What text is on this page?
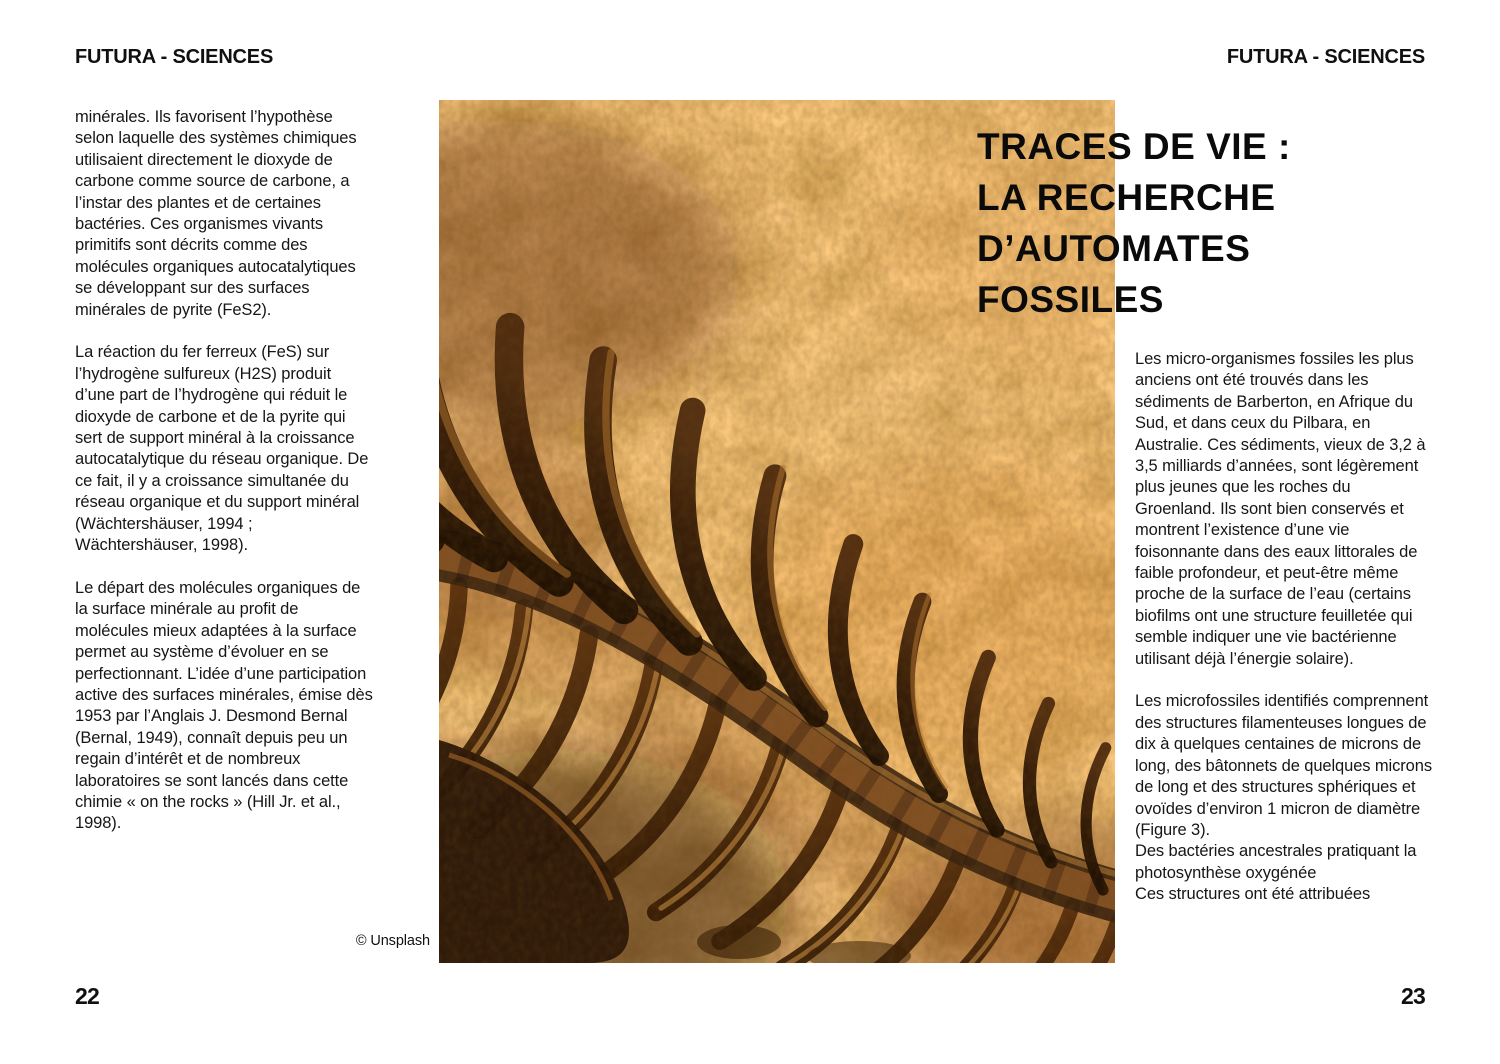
FUTURA - SCIENCES	FUTURA - SCIENCES

minérales. Ils favorisent l’hypothèse selon laquelle des systèmes chimiques utilisaient directement le dioxyde de carbone comme source de carbone, a l’instar des plantes et de certaines bactéries. Ces organismes vivants primitifs sont décrits comme des molécules organiques autocatalytiques se développant sur des surfaces minérales de pyrite (FeS2).

La réaction du fer ferreux (FeS) sur l’hydrogène sulfureux (H2S) produit d’une part de l’hydrogène qui réduit le dioxyde de carbone et de la pyrite qui sert de support minéral à la croissance autocatalytique du réseau organique. De ce fait, il y a croissance simultanée du réseau organique et du support minéral (Wächtershäuser, 1994 ; Wächtershäuser, 1998).

Le départ des molécules organiques de la surface minérale au profit de molécules mieux adaptées à la surface permet au système d’évoluer en se perfectionnant. L’idée d’une participation active des surfaces minérales, émise dès 1953 par l’Anglais J. Desmond Bernal (Bernal, 1949), connaît depuis peu un regain d’intérêt et de nombreux laboratoires se sont lancés dans cette chimie « on the rocks » (Hill Jr. et al., 1998).

TRACES DE VIE :
LA RECHERCHE
D’AUTOMATES
FOSSILES
© Unsplash

Les micro-organismes fossiles les plus anciens ont été trouvés dans les sédiments de Barberton, en Afrique du Sud, et dans ceux du Pilbara, en Australie. Ces sédiments, vieux de 3,2 à 3,5 milliards d’années, sont légèrement plus jeunes que les roches du Groenland. Ils sont bien conservés et montrent l’existence d’une vie foisonnante dans des eaux littorales de faible profondeur, et peut-être même proche de la surface de l’eau (certains biofilms ont une structure feuilletée qui semble indiquer une vie bactérienne utilisant déjà l’énergie solaire).

Les microfossiles identifiés comprennent des structures filamenteuses longues de dix à quelques centaines de microns de long, des bâtonnets de quelques microns de long et des structures sphériques et ovoïdes d’environ 1 micron de diamètre (Figure 3).

Des bactéries ancestrales pratiquant la photosynthèse oxygénée

Ces structures ont été attribuées

22	23
